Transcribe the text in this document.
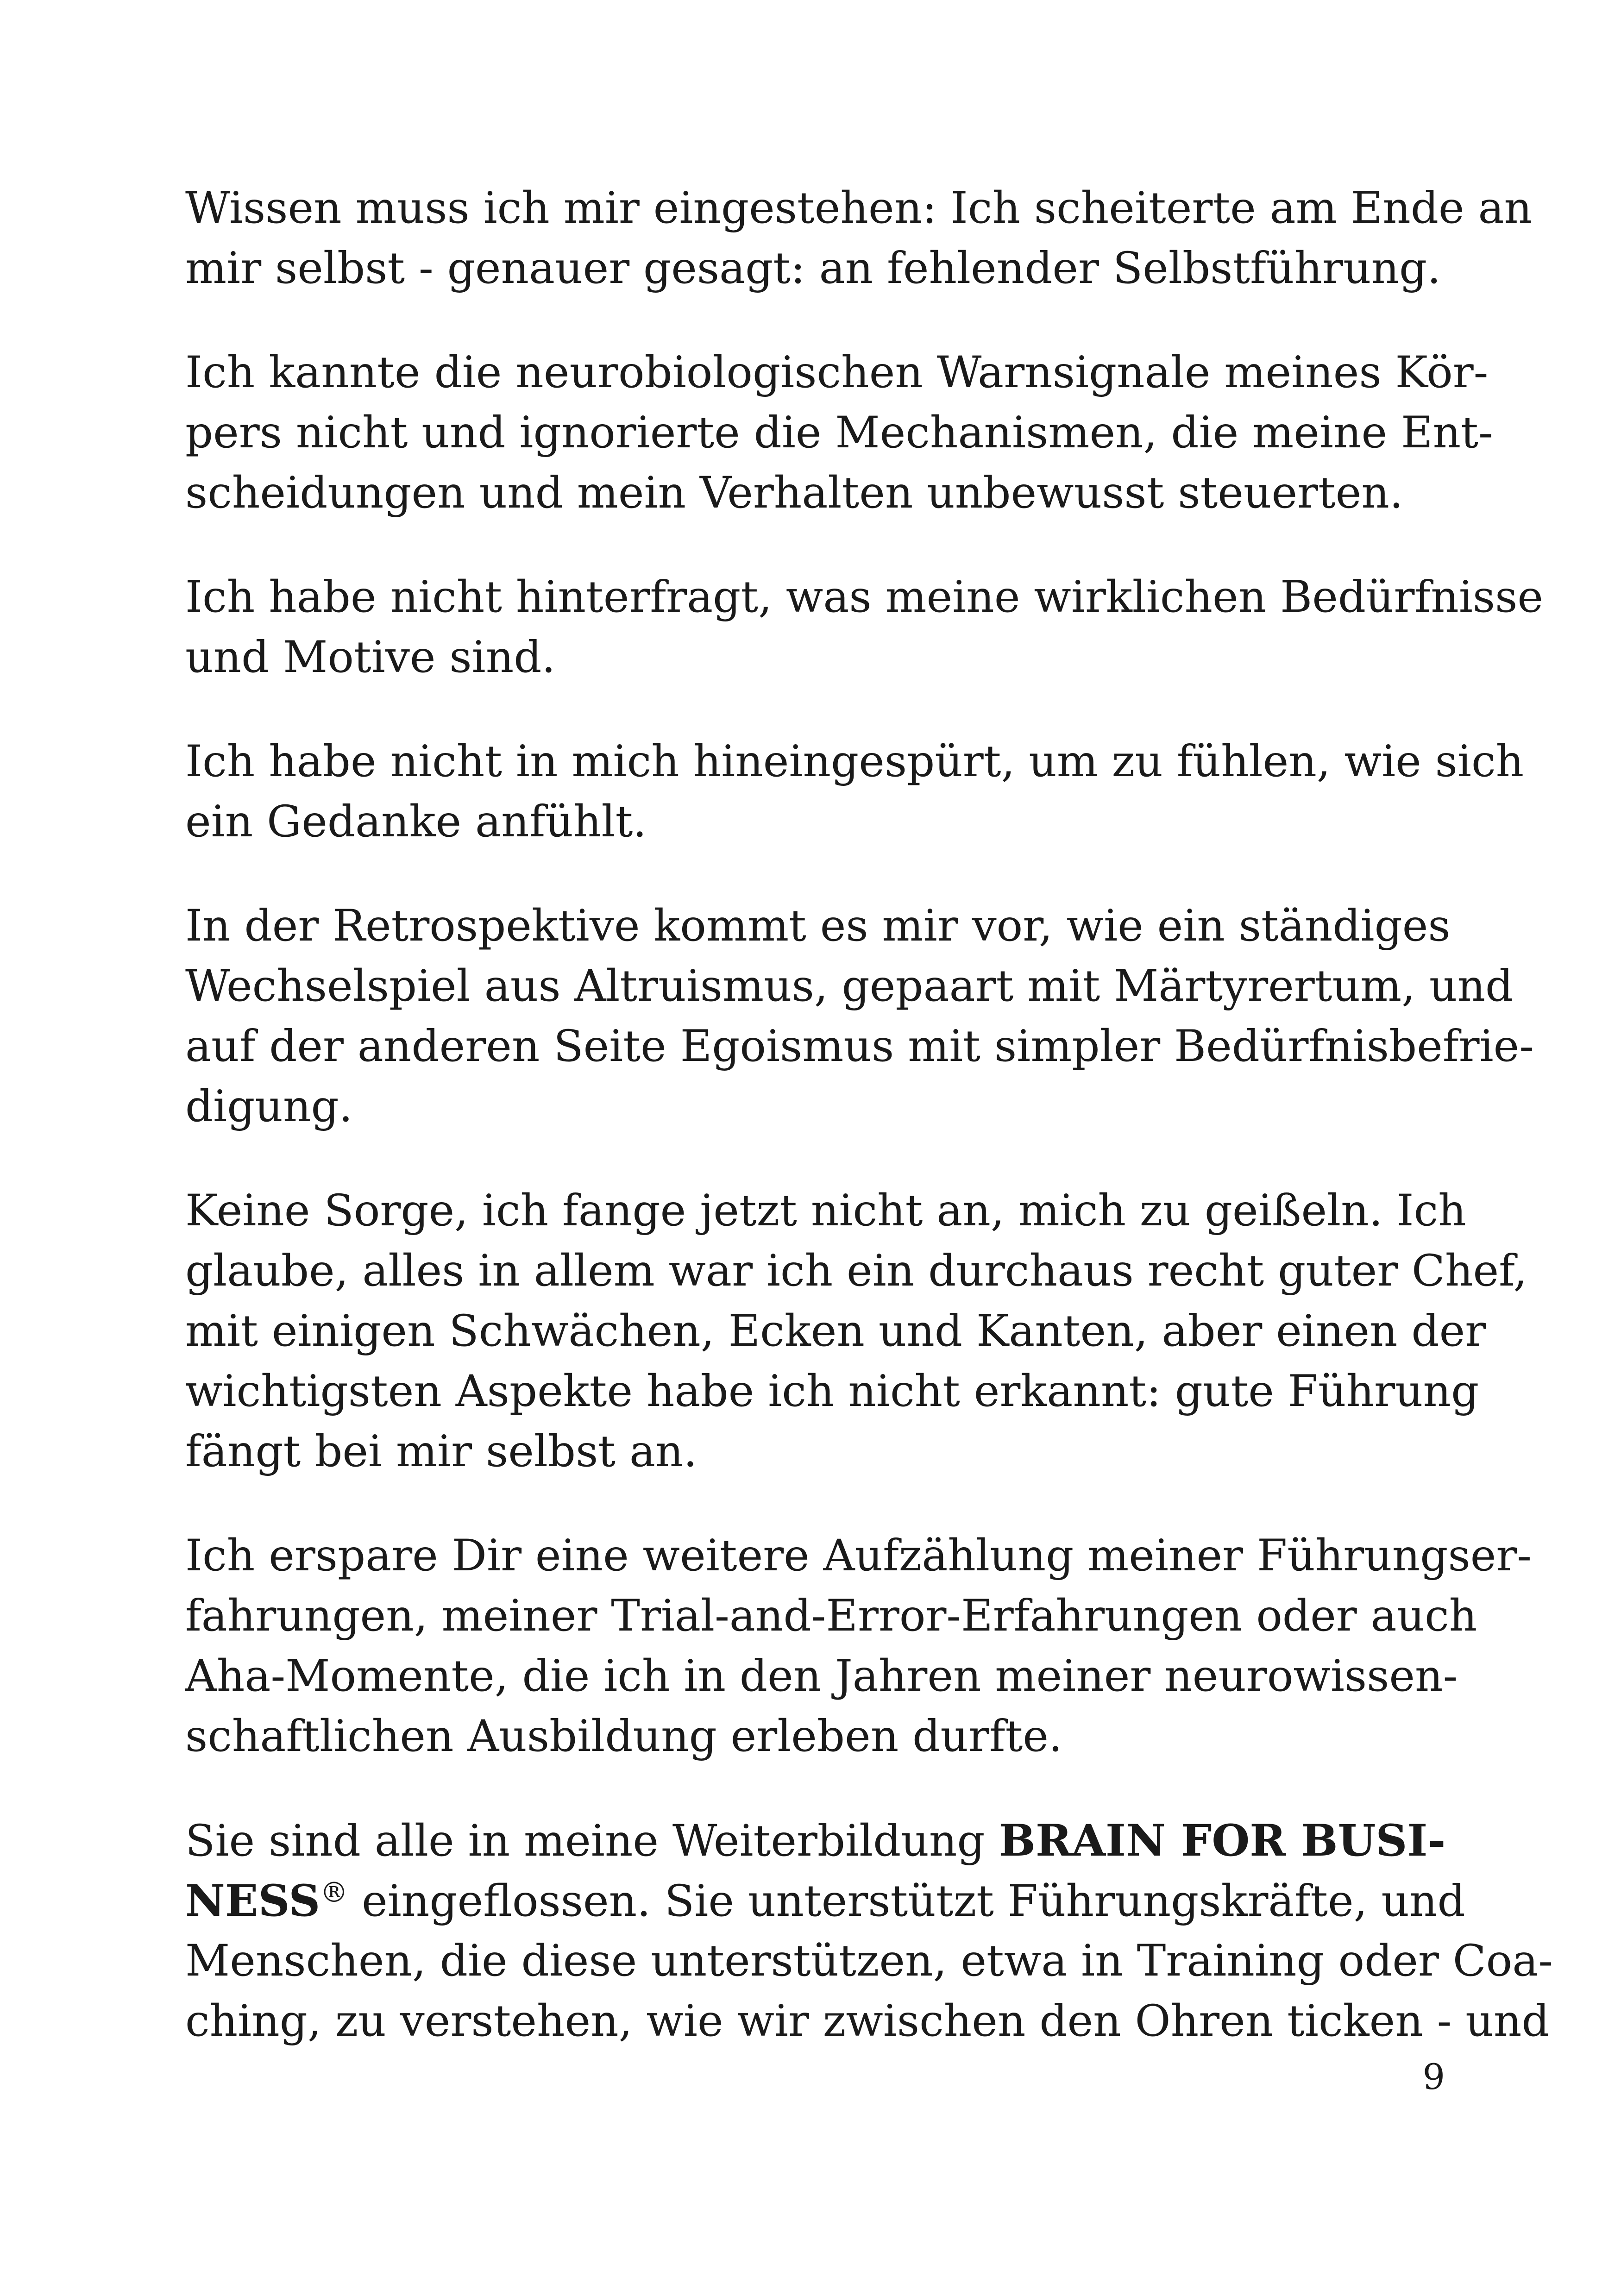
Wissen muss ich mir eingestehen: Ich scheiterte am Ende an
mir selbst - genauer gesagt: an fehlender Selbstführung.
Ich kannte die neurobiologischen Warnsignale meines Kör-
pers nicht und ignorierte die Mechanismen, die meine Ent-
scheidungen und mein Verhalten unbewusst steuerten.
Ich habe nicht hinterfragt, was meine wirklichen Bedürfnisse
und Motive sind.
Ich habe nicht in mich hineingespürt, um zu fühlen, wie sich
ein Gedanke anfühlt.
In der Retrospektive kommt es mir vor, wie ein ständiges
Wechselspiel aus Altruismus, gepaart mit Märtyrertum, und
auf der anderen Seite Egoismus mit simpler Bedürfnisbefrie-
digung.
Keine Sorge, ich fange jetzt nicht an, mich zu geißeln. Ich
glaube, alles in allem war ich ein durchaus recht guter Chef,
mit einigen Schwächen, Ecken und Kanten, aber einen der
wichtigsten Aspekte habe ich nicht erkannt: gute Führung
fängt bei mir selbst an.
Ich erspare Dir eine weitere Aufzählung meiner Führungser-
fahrungen, meiner Trial-and-Error-Erfahrungen oder auch
Aha-Momente, die ich in den Jahren meiner neurowissen-
schaftlichen Ausbildung erleben durfte.
Sie sind alle in meine Weiterbildung BRAIN FOR BUSI-
NESS® eingeflossen. Sie unterstützt Führungskräfte, und
Menschen, die diese unterstützen, etwa in Training oder Coa-
ching, zu verstehen, wie wir zwischen den Ohren ticken - und
9
